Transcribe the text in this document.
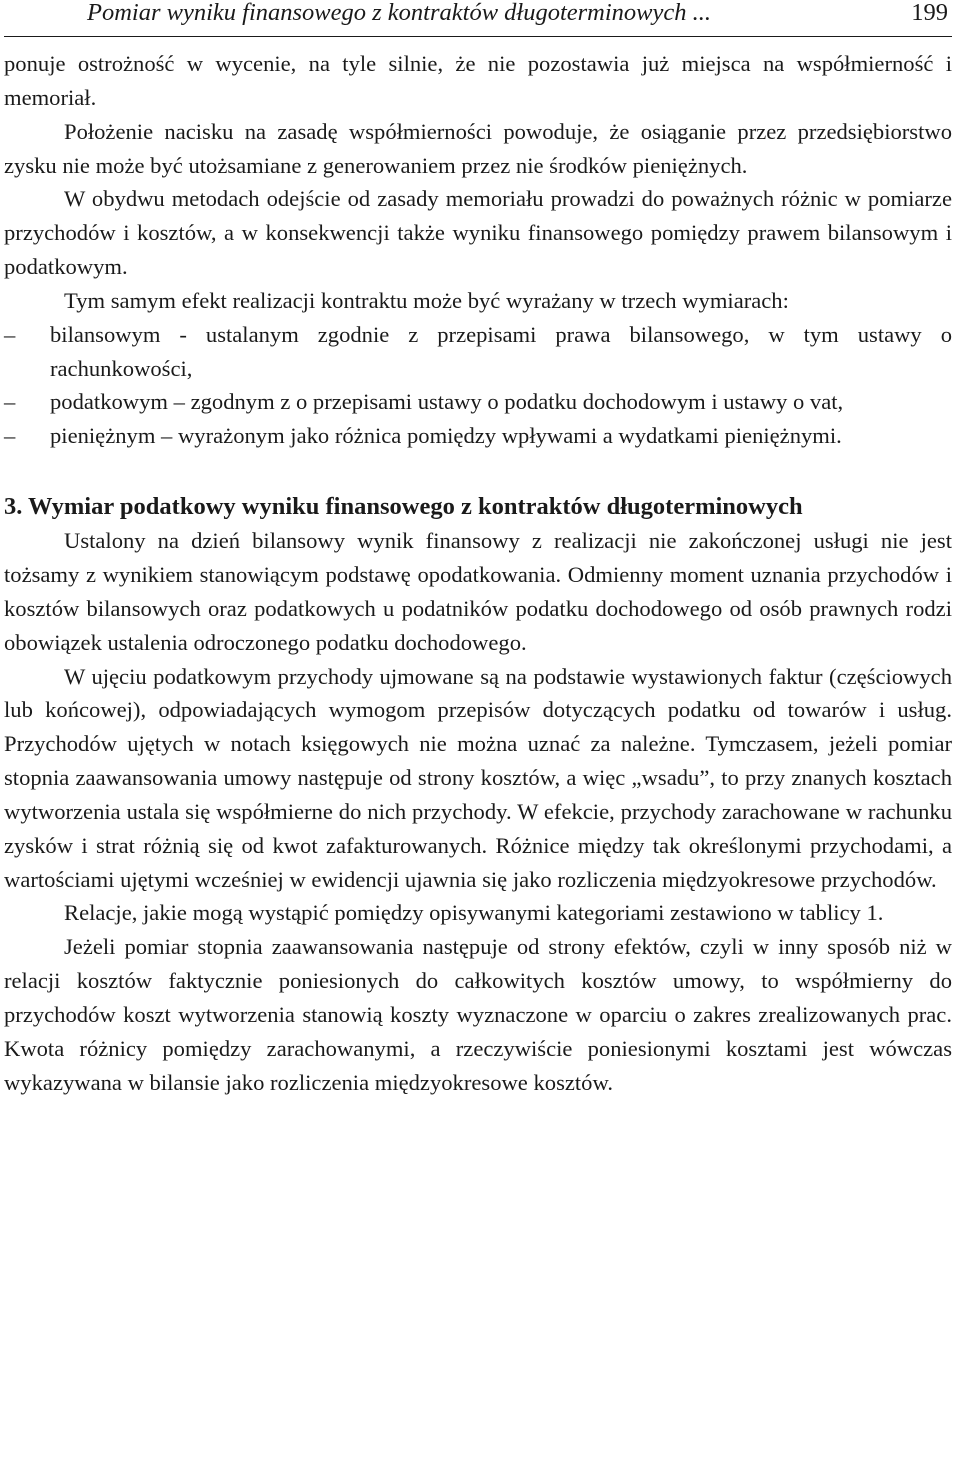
Pomiar wyniku finansowego z kontraktów długoterminowych ...	199

ponuje ostrożność w wycenie, na tyle silnie, że nie pozostawia już miejsca na współmierność i memoriał.

Położenie nacisku na zasadę współmierności powoduje, że osiąganie przez przedsiębiorstwo zysku nie może być utożsamiane z generowaniem przez nie środków pieniężnych.

W obydwu metodach odejście od zasady memoriału prowadzi do poważnych różnic w pomiarze przychodów i kosztów, a w konsekwencji także wyniku finansowego pomiędzy prawem bilansowym i podatkowym.

Tym samym efekt realizacji kontraktu może być wyrażany w trzech wymiarach:

–	bilansowym - ustalanym zgodnie z przepisami prawa bilansowego, w tym ustawy o rachunkowości,
–	podatkowym – zgodnym z o przepisami ustawy o podatku dochodowym i ustawy o vat,
–	pieniężnym – wyrażonym jako różnica pomiędzy wpływami a wydatkami pieniężnymi.
3. Wymiar podatkowy wyniku finansowego z kontraktów długoterminowych

Ustalony na dzień bilansowy wynik finansowy z realizacji nie zakończonej usługi nie jest tożsamy z wynikiem stanowiącym podstawę opodatkowania. Odmienny moment uznania przychodów i kosztów bilansowych oraz podatkowych u podatników podatku dochodowego od osób prawnych rodzi obowiązek ustalenia odroczonego podatku dochodowego.

W ujęciu podatkowym przychody ujmowane są na podstawie wystawionych faktur (częściowych lub końcowej), odpowiadających wymogom przepisów dotyczących podatku od towarów i usług. Przychodów ujętych w notach księgowych nie można uznać za należne. Tymczasem, jeżeli pomiar stopnia zaawansowania umowy następuje od strony kosztów, a więc „wsadu”, to przy znanych kosztach wytworzenia ustala się współmierne do nich przychody. W efekcie, przychody zarachowane w rachunku zysków i strat różnią się od kwot zafakturowanych. Różnice między tak określonymi przychodami, a wartościami ujętymi wcześniej w ewidencji ujawnia się jako rozliczenia międzyokresowe przychodów.

Relacje, jakie mogą wystąpić pomiędzy opisywanymi kategoriami zestawiono w tablicy 1.

Jeżeli pomiar stopnia zaawansowania następuje od strony efektów, czyli w inny sposób niż w relacji kosztów faktycznie poniesionych do całkowitych kosztów umowy, to współmierny do przychodów koszt wytworzenia stanowią koszty wyznaczone w oparciu o zakres zrealizowanych prac. Kwota różnicy pomiędzy zarachowanymi, a rzeczywiście poniesionymi kosztami jest wówczas wykazywana w bilansie jako rozliczenia międzyokresowe kosztów.
